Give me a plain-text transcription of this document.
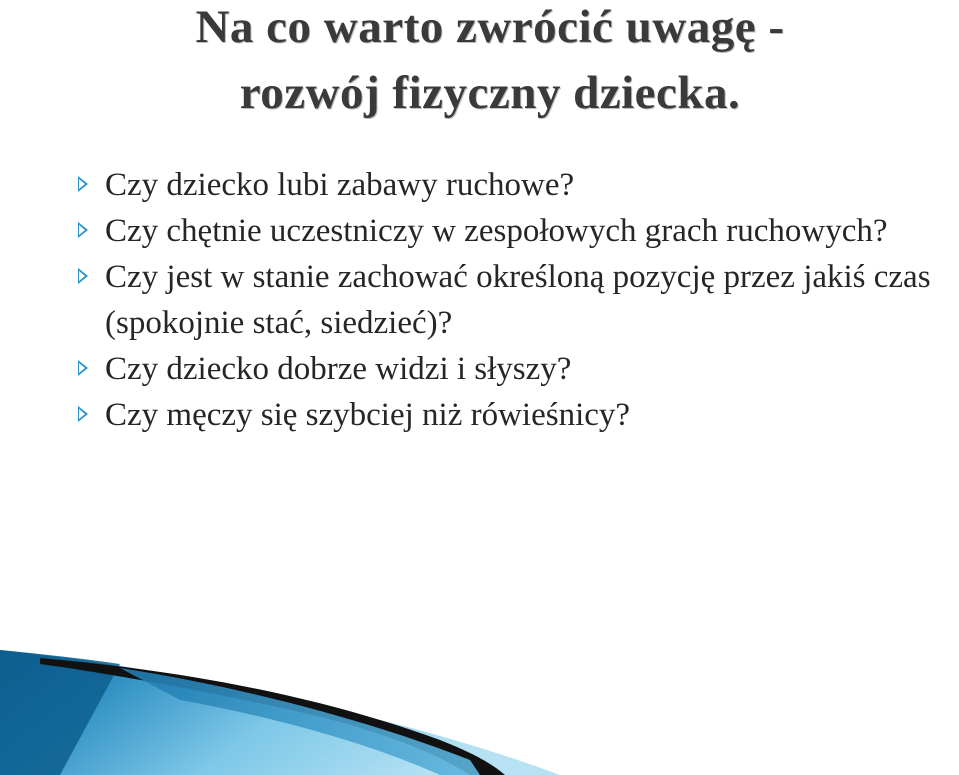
Na co warto zwrócić uwagę -
rozwój fizyczny dziecka.
Czy dziecko lubi zabawy ruchowe?
Czy chętnie uczestniczy w zespołowych grach ruchowych?
Czy jest w stanie zachować określoną pozycję przez jakiś czas (spokojnie stać, siedzieć)?
Czy dziecko dobrze widzi i słyszy?
Czy męczy się szybciej niż rówieśnicy?
